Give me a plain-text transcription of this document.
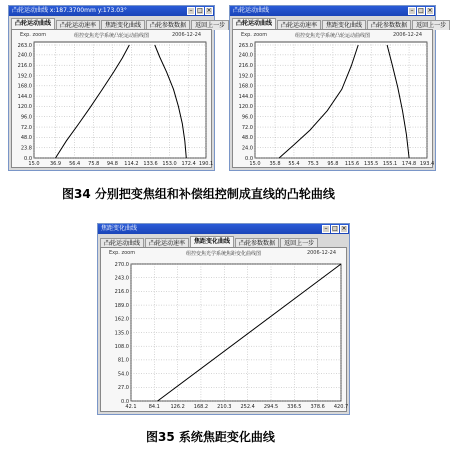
凸轮运动曲线 x:187.3700mm y:173.03°	– □ ×
凸轮运动曲线	凸轮运动速率	焦距变化曲线	凸轮参数数据	返回上一步
Exp. zoom	组控变焦光学系统凸轮运动曲线图	2006-12-24
0.0
23.8
48.0
72.0
96.0
120.0
144.0
168.0
192.0
216.0
240.0
263.0
15.0 36.9 56.4 75.8 94.8 114.2 133.6 153.0 172.4 190.1
凸轮运动曲线	– □ ×
凸轮运动曲线	凸轮运动速率	焦距变化曲线	凸轮参数数据	返回上一步
Exp. zoom	组控变焦光学系统凸轮运动曲线图	2006-12-24
0.0
24.0
48.0
72.0
96.0
120.0
144.0
168.0
192.0
216.0
240.0
263.0
15.0 35.8 55.4 75.3 95.8 115.6 135.5 155.1 174.8 193.4
图34 分别把变焦组和补偿组控制成直线的凸轮曲线
焦距变化曲线	– □ ×
凸轮运动曲线	凸轮运动速率	焦距变化曲线	凸轮参数数据	返回上一步
Exp. zoom	组控变焦光学系统焦距变化曲线图	2006-12-24
0.0
27.0
54.0
81.0
108.0
135.0
162.0
189.0
216.0
243.0
270.0
42.1 84.1 126.2 168.2 210.3 252.4 294.5 336.5 378.6 420.7
图35 系统焦距变化曲线
